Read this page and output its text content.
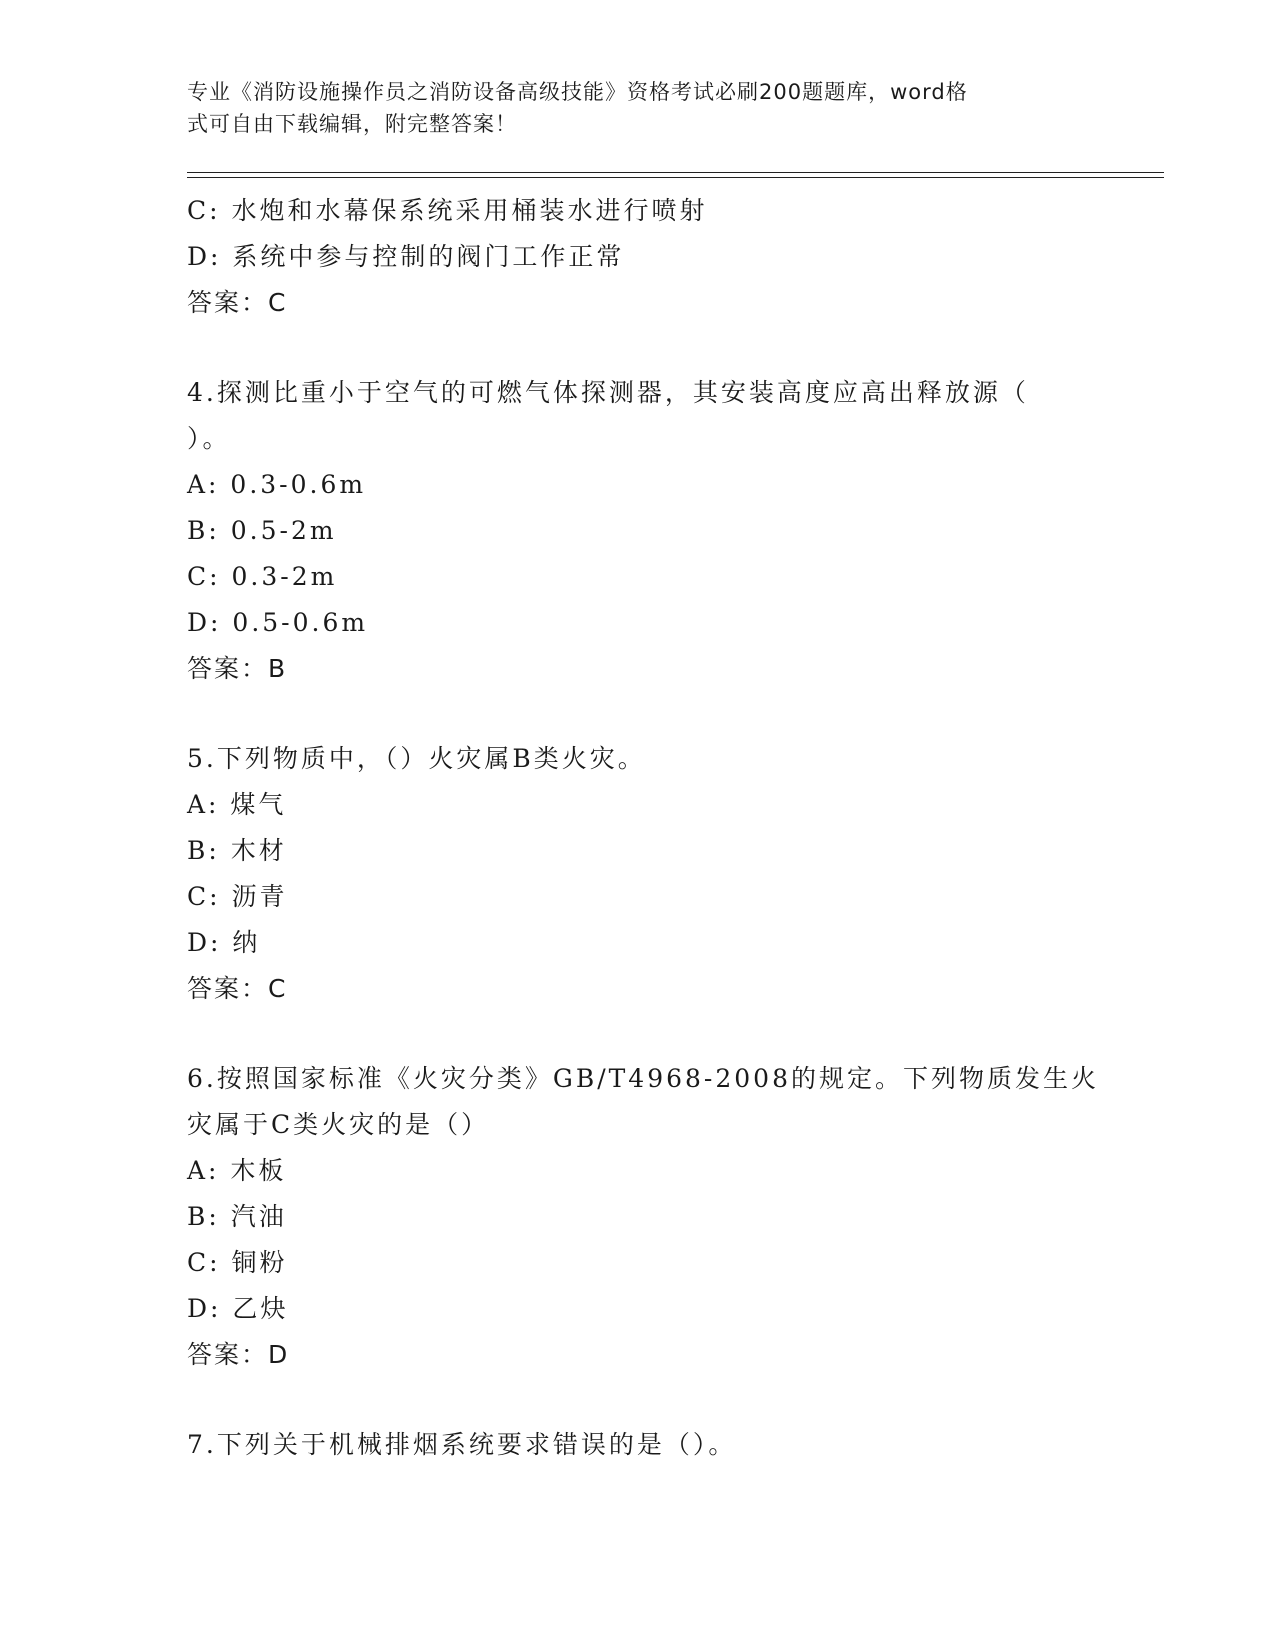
专业《消防设施操作员之消防设备高级技能》资格考试必刷200题题库，word格
式可自由下载编辑，附完整答案！
C: 水炮和水幕保系统采用桶装水进行喷射
D: 系统中参与控制的阀门工作正常
答案：C
4.探测比重小于空气的可燃气体探测器，其安装高度应高出释放源（
）。
A: 0.3-0.6m
B: 0.5-2m
C: 0.3-2m
D: 0.5-0.6m
答案：B
5.下列物质中，（）火灾属B类火灾。
A: 煤气
B: 木材
C: 沥青
D: 纳
答案：C
6.按照国家标准《火灾分类》GB/T4968-2008的规定。下列物质发生火
灾属于C类火灾的是（）
A: 木板
B: 汽油
C: 铜粉
D: 乙炔
答案：D
7.下列关于机械排烟系统要求错误的是（）。
